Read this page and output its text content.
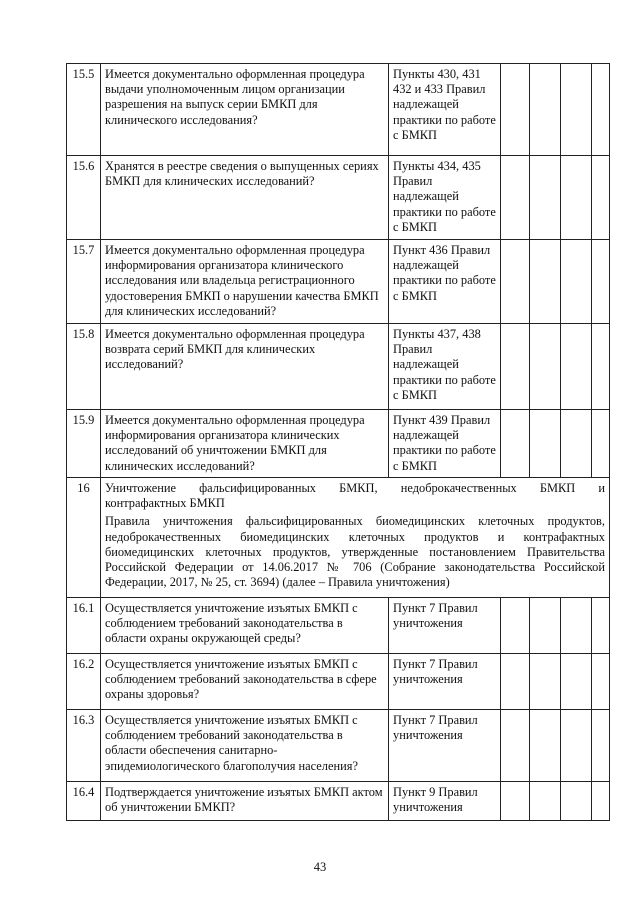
15.5	Имеется документально оформленная процедура выдачи уполномоченным лицом организации разрешения на выпуск серии БМКП для клинического исследования?	Пункты 430, 431 432 и 433 Правил надлежащей практики по работе с БМКП				
15.6	Хранятся в реестре сведения о выпущенных сериях БМКП для клинических исследований?	Пункты 434, 435 Правил надлежащей практики по работе с БМКП				
15.7	Имеется документально оформленная процедура информирования организатора клинического исследования или владельца регистрационного удостоверения БМКП о нарушении качества БМКП для клинических исследований?	Пункт 436 Правил надлежащей практики по работе с БМКП				
15.8	Имеется документально оформленная процедура возврата серий БМКП для клинических исследований?	Пункты 437, 438 Правил надлежащей практики по работе с БМКП				
15.9	Имеется документально оформленная процедура информирования организатора клинических исследований об уничтожении БМКП для клинических исследований?	Пункт 439 Правил надлежащей практики по работе с БМКП				
16	Уничтожение фальсифицированных БМКП, недоброкачественных БМКП и
контрафактных БМКП
Правила уничтожения фальсифицированных биомедицинских клеточных продуктов, недоброкачественных биомедицинских клеточных продуктов и контрафактных биомедицинских клеточных продуктов, утвержденные постановлением Правительства Российской Федерации от 14.06.2017 № 706 (Собрание законодательства Российской Федерации, 2017, № 25, ст. 3694) (далее – Правила уничтожения)					

16.1	Осуществляется уничтожение изъятых БМКП с соблюдением требований законодательства в области охраны окружающей среды?	Пункт 7 Правил уничтожения				
16.2	Осуществляется уничтожение изъятых БМКП с соблюдением требований законодательства в сфере охраны здоровья?	Пункт 7 Правил уничтожения				
16.3	Осуществляется уничтожение изъятых БМКП с соблюдением требований законодательства в области обеспечения санитарно-эпидемиологического благополучия населения?	Пункт 7 Правил уничтожения				
16.4	Подтверждается уничтожение изъятых БМКП актом об уничтожении БМКП?	Пункт 9 Правил уничтожения				
43
